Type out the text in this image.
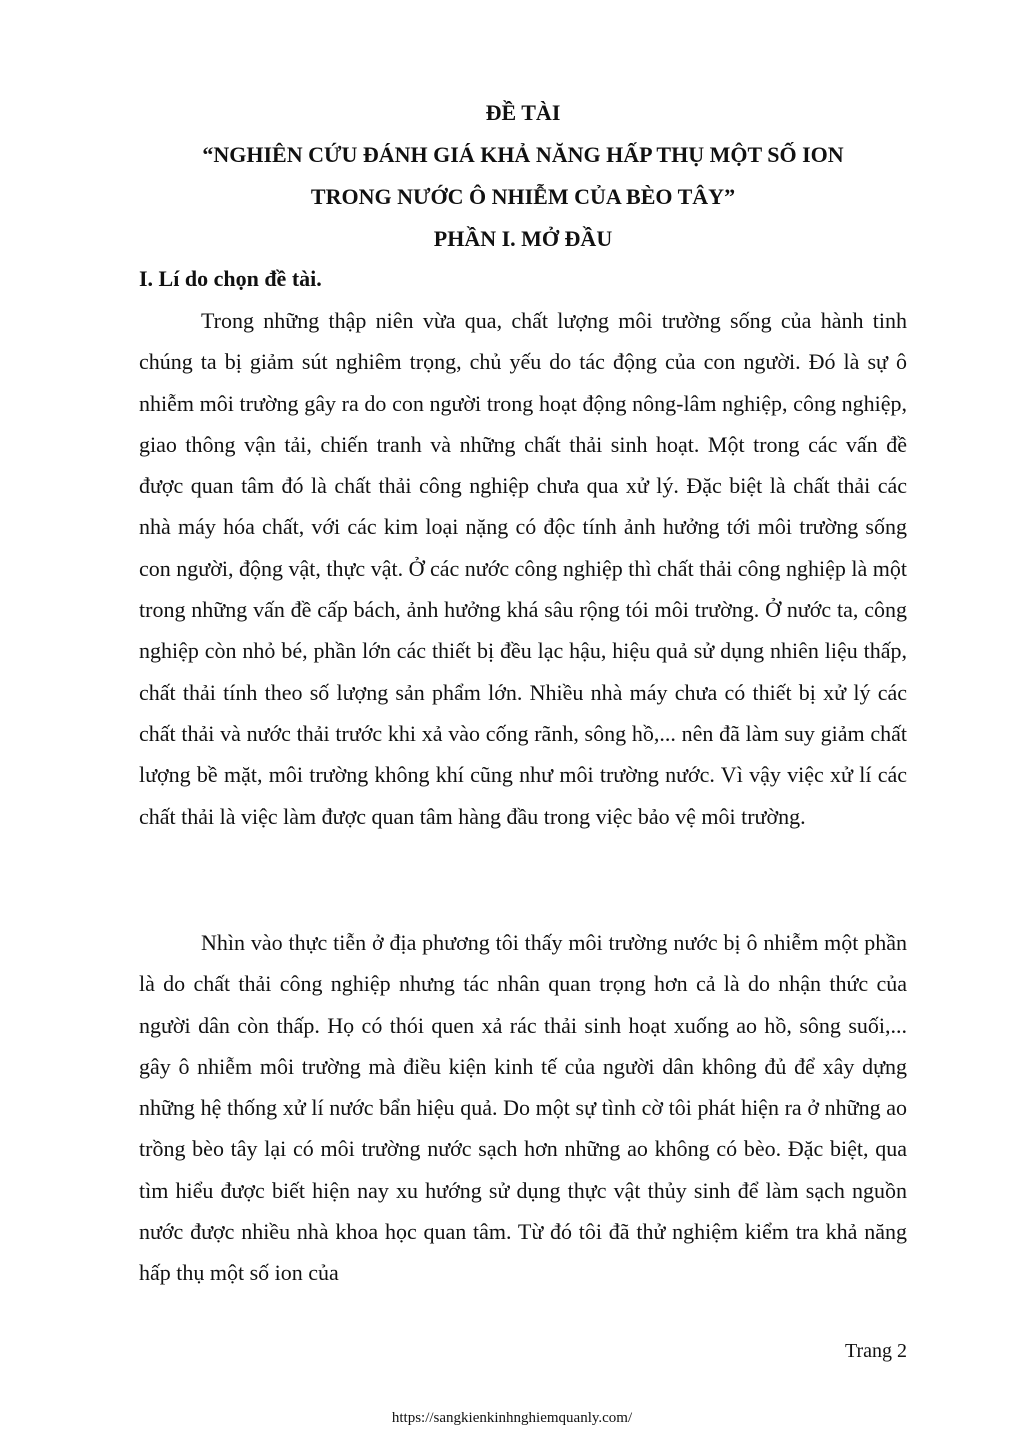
ĐỀ TÀI
“NGHIÊN CỨU ĐÁNH GIÁ KHẢ NĂNG HẤP THỤ MỘT SỐ ION
TRONG NƯỚC Ô NHIỄM CỦA BÈO TÂY”
PHẦN I. MỞ ĐẦU
I. Lí do chọn đề tài.

Trong những thập niên vừa qua, chất lượng môi trường sống của hành tinh chúng ta bị giảm sút nghiêm trọng, chủ yếu do tác động của con người. Đó là sự ô nhiễm môi trường gây ra do con người trong hoạt động nông-lâm nghiệp, công nghiệp, giao thông vận tải, chiến tranh và những chất thải sinh hoạt. Một trong các vấn đề được quan tâm đó là chất thải công nghiệp chưa qua xử lý. Đặc biệt là chất thải các nhà máy hóa chất, với các kim loại nặng có độc tính ảnh hưởng tới môi trường sống con người, động vật, thực vật. Ở các nước công nghiệp thì chất thải công nghiệp là một trong những vấn đề cấp bách, ảnh hưởng khá sâu rộng tói môi trường. Ở nước ta, công nghiệp còn nhỏ bé, phần lớn các thiết bị đều lạc hậu, hiệu quả sử dụng nhiên liệu thấp, chất thải tính theo số lượng sản phẩm lớn. Nhiều nhà máy chưa có thiết bị xử lý các chất thải và nước thải trước khi xả vào cống rãnh, sông hồ,... nên đã làm suy giảm chất lượng bề mặt, môi trường không khí cũng như môi trường nước. Vì vậy việc xử lí các chất thải là việc làm được quan tâm hàng đầu trong việc bảo vệ môi trường.

Nhìn vào thực tiễn ở địa phương tôi thấy môi trường nước bị ô nhiễm một phần là do chất thải công nghiệp nhưng tác nhân quan trọng hơn cả là do nhận thức của người dân còn thấp. Họ có thói quen xả rác thải sinh hoạt xuống ao hồ, sông suối,... gây ô nhiễm môi trường mà điều kiện kinh tế của người dân không đủ để xây dựng những hệ thống xử lí nước bẩn hiệu quả. Do một sự tình cờ tôi phát hiện ra ở những ao trồng bèo tây lại có môi trường nước sạch hơn những ao không có bèo. Đặc biệt, qua tìm hiểu được biết hiện nay xu hướng sử dụng thực vật thủy sinh để làm sạch nguồn nước được nhiều nhà khoa học quan tâm. Từ đó tôi đã thử nghiệm kiểm tra khả năng hấp thụ một số ion của

Trang 2
https://sangkienkinhnghiemquanly.com/
